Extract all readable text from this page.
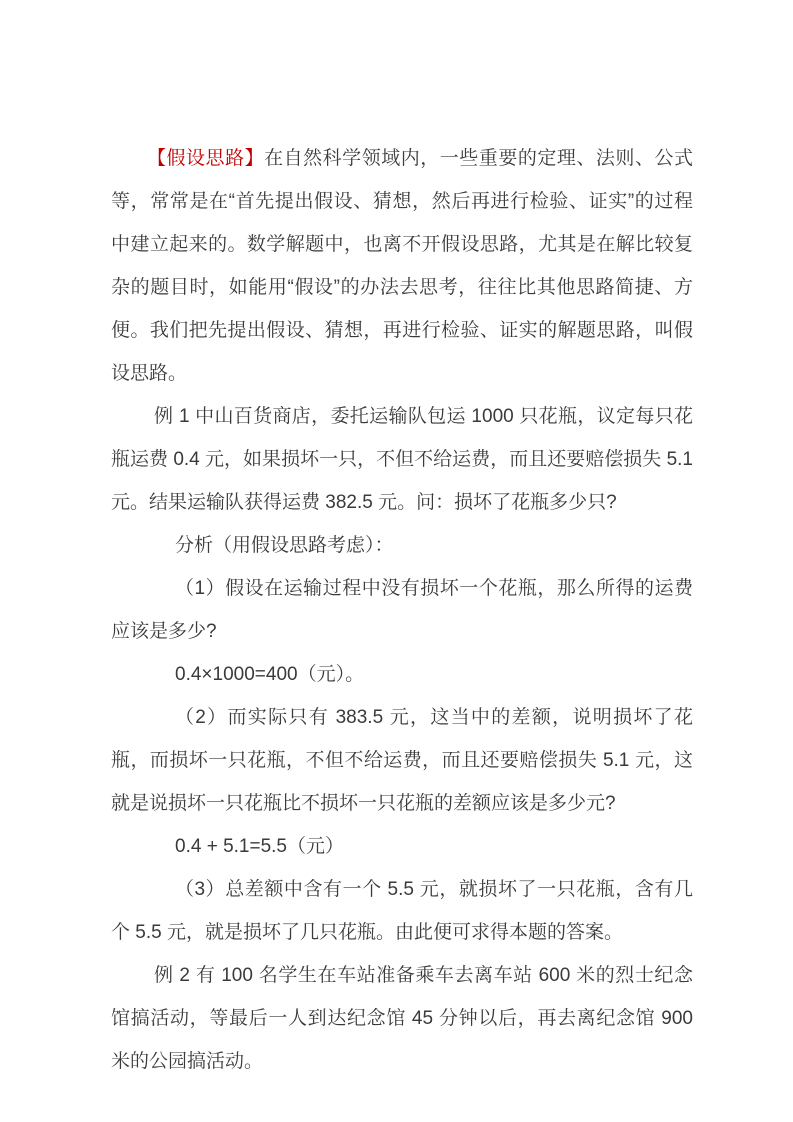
【假设思路】在自然科学领域内，一些重要的定理、法则、公式等，常常是在“首先提出假设、猜想，然后再进行检验、证实”的过程中建立起来的。数学解题中，也离不开假设思路，尤其是在解比较复杂的题目时，如能用“假设”的办法去思考，往往比其他思路简捷、方便。我们把先提出假设、猜想，再进行检验、证实的解题思路，叫假设思路。

例 1 中山百货商店，委托运输队包运 1000 只花瓶，议定每只花瓶运费 0.4 元，如果损坏一只，不但不给运费，而且还要赔偿损失 5.1 元。结果运输队获得运费 382.5 元。问：损坏了花瓶多少只?

分析（用假设思路考虑）：

（1）假设在运输过程中没有损坏一个花瓶，那么所得的运费应该是多少?

0.4×1000=400（元）。

（2）而实际只有 383.5 元，这当中的差额，说明损坏了花瓶，而损坏一只花瓶，不但不给运费，而且还要赔偿损失 5.1 元，这就是说损坏一只花瓶比不损坏一只花瓶的差额应该是多少元?

0.4 + 5.1=5.5（元）

（3）总差额中含有一个 5.5 元，就损坏了一只花瓶，含有几个 5.5 元，就是损坏了几只花瓶。由此便可求得本题的答案。

例 2 有 100 名学生在车站准备乘车去离车站 600 米的烈士纪念馆搞活动，等最后一人到达纪念馆 45 分钟以后，再去离纪念馆 900 米的公园搞活动。
